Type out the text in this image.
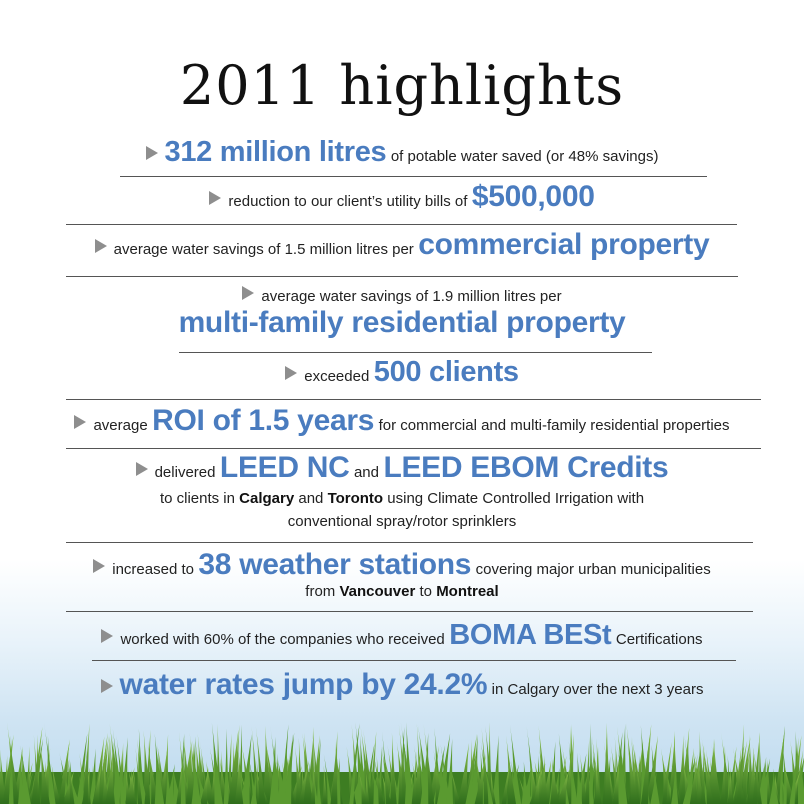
2011 highlights
312 million litres of potable water saved (or 48% savings)
reduction to our client’s utility bills of $500,000
average water savings of 1.5 million litres per commercial property
average water savings of 1.9 million litres per
multi-family residential property
exceeded 500 clients
average ROI of 1.5 years for commercial and multi-family residential properties
delivered LEED NC and LEED EBOM Credits
to clients in Calgary and Toronto using Climate Controlled Irrigation with
conventional spray/rotor sprinklers
increased to 38 weather stations covering major urban municipalities
from Vancouver to Montreal
worked with 60% of the companies who received BOMA BESt Certifications
water rates jump by 24.2% in Calgary over the next 3 years
